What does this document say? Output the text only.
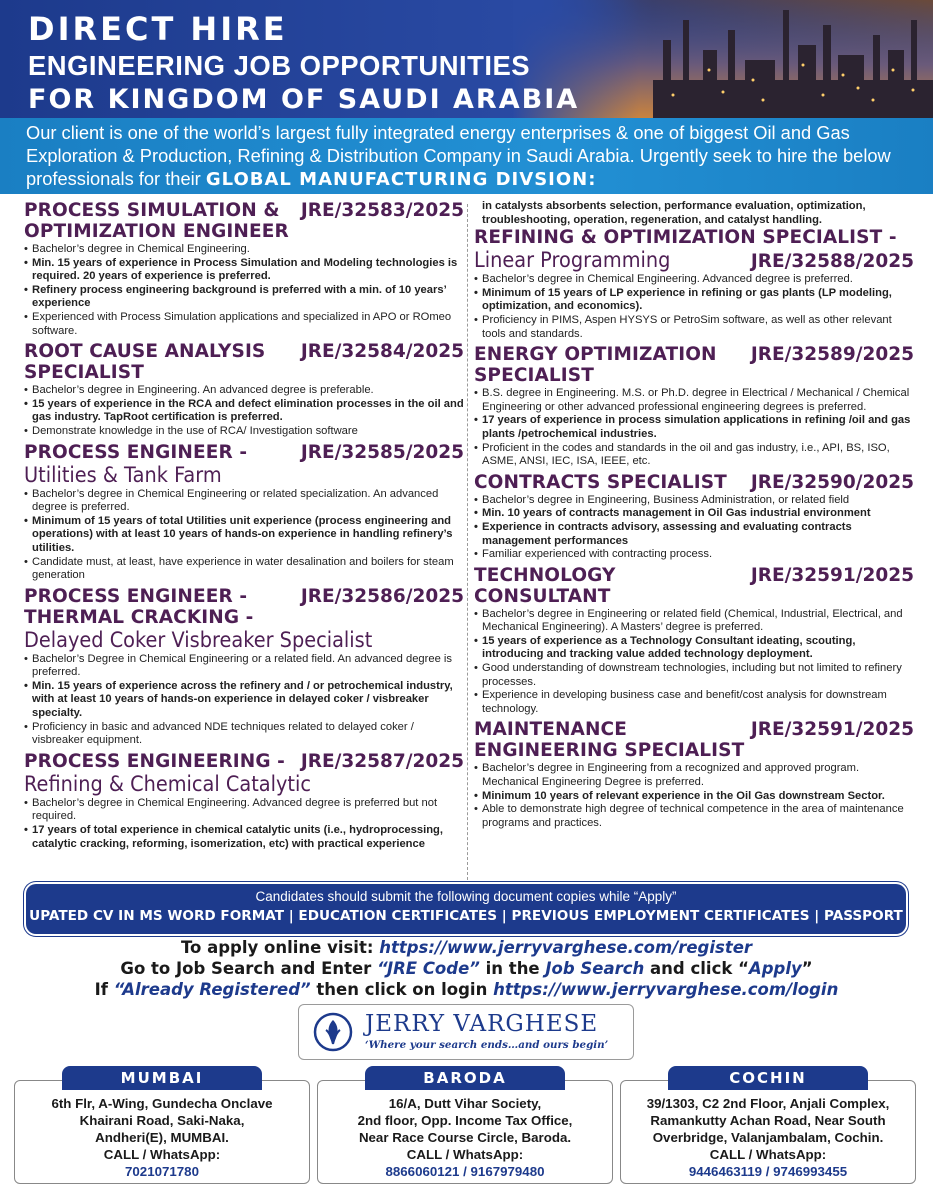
DIRECT HIRE
ENGINEERING JOB OPPORTUNITIES
FOR KINGDOM OF SAUDI ARABIA
Our client is one of the world’s largest fully integrated energy enterprises & one of biggest Oil and Gas Exploration & Production, Refining & Distribution Company in Saudi Arabia. Urgently seek to hire the below professionals for their GLOBAL MANUFACTURING DIVSION:
PROCESS SIMULATION & OPTIMIZATION ENGINEER
JRE/32583/2025
• Bachelor’s degree in Chemical Engineering.
• Min. 15 years of experience in Process Simulation and Modeling technologies is required. 20 years of experience is preferred.
• Refinery process engineering background is preferred with a min. of 10 years’ experience
• Experienced with Process Simulation applications and specialized in APO or ROmeo software.
ROOT CAUSE ANALYSIS SPECIALIST
JRE/32584/2025
• Bachelor’s degree in Engineering. An advanced degree is preferable.
• 15 years of experience in the RCA and defect elimination processes in the oil and gas industry. TapRoot certification is preferred.
• Demonstrate knowledge in the use of RCA/ Investigation software
PROCESS ENGINEER -	JRE/32585/2025
Utilities & Tank Farm
• Bachelor’s degree in Chemical Engineering or related specialization. An advanced degree is preferred.
• Minimum of 15 years of total Utilities unit experience (process engineering and operations) with at least 10 years of hands-on experience in handling refinery’s utilities.
• Candidate must, at least, have experience in water desalination and boilers for steam generation
PROCESS ENGINEER - THERMAL CRACKING -
JRE/32586/2025
Delayed Coker Visbreaker Specialist
• Bachelor’s Degree in Chemical Engineering or a related field. An advanced degree is preferred.
• Min. 15 years of experience across the refinery and / or petrochemical industry, with at least 10 years of hands-on experience in delayed coker / visbreaker specialty.
• Proficiency in basic and advanced NDE techniques related to delayed coker / visbreaker equipment.
PROCESS ENGINEERING - JRE/32587/2025
Refining & Chemical Catalytic
• Bachelor’s degree in Chemical Engineering. Advanced degree is preferred but not required.
• 17 years of total experience in chemical catalytic units (i.e., hydroprocessing, catalytic cracking, reforming, isomerization, etc) with practical experience
in catalysts absorbents selection, performance evaluation, optimization, troubleshooting, operation, regeneration, and catalyst handling.
REFINING & OPTIMIZATION SPECIALIST -
Linear Programming	JRE/32588/2025
• Bachelor’s degree in Chemical Engineering. Advanced degree is preferred.
• Minimum of 15 years of LP experience in refining or gas plants (LP modeling, optimization, and economics).
• Proficiency in PIMS, Aspen HYSYS or PetroSim software, as well as other relevant tools and standards.
ENERGY OPTIMIZATION SPECIALIST
JRE/32589/2025
• B.S. degree in Engineering. M.S. or Ph.D. degree in Electrical / Mechanical / Chemical Engineering or other advanced professional engineering degrees is preferred.
• 17 years of experience in process simulation applications in refining /oil and gas plants /petrochemical industries.
• Proficient in the codes and standards in the oil and gas industry, i.e., API, BS, ISO, ASME, ANSI, IEC, ISA, IEEE, etc.
CONTRACTS SPECIALIST JRE/32590/2025
• Bachelor’s degree in Engineering, Business Administration, or related field
• Min. 10 years of contracts management in Oil Gas industrial environment
• Experience in contracts advisory, assessing and evaluating contracts management performances
• Familiar experienced with contracting process.
TECHNOLOGY CONSULTANT
JRE/32591/2025
• Bachelor’s degree in Engineering or related field (Chemical, Industrial, Electrical, and Mechanical Engineering). A Masters’ degree is preferred.
• 15 years of experience as a Technology Consultant ideating, scouting, introducing and tracking value added technology deployment.
• Good understanding of downstream technologies, including but not limited to refinery processes.
• Experience in developing business case and benefit/cost analysis for downstream technology.
MAINTENANCE ENGINEERING SPECIALIST
JRE/32591/2025
• Bachelor’s degree in Engineering from a recognized and approved program. Mechanical Engineering Degree is preferred.
• Minimum 10 years of relevant experience in the Oil Gas downstream Sector.
• Able to demonstrate high degree of technical competence in the area of maintenance programs and practices.
Candidates should submit the following document copies while “Apply”
UPATED CV IN MS WORD FORMAT | EDUCATION CERTIFICATES | PREVIOUS EMPLOYMENT CERTIFICATES | PASSPORT
To apply online visit: https://www.jerryvarghese.com/register
Go to Job Search and Enter “JRE Code” in the Job Search and click “Apply”
If “Already Registered” then click on login https://www.jerryvarghese.com/login
JERRY VARGHESE
‘Where your search ends…and ours begin’
MUMBAI
6th Flr, A-Wing, Gundecha Onclave
Khairani Road, Saki-Naka,
Andheri(E), MUMBAI.
CALL / WhatsApp:
7021071780
BARODA
16/A, Dutt Vihar Society,
2nd floor, Opp. Income Tax Office,
Near Race Course Circle, Baroda.
CALL / WhatsApp:
8866060121 / 9167979480
COCHIN
39/1303, C2 2nd Floor, Anjali Complex,
Ramankutty Achan Road, Near South
Overbridge, Valanjambalam, Cochin.
CALL / WhatsApp:
9446463119 / 9746993455
